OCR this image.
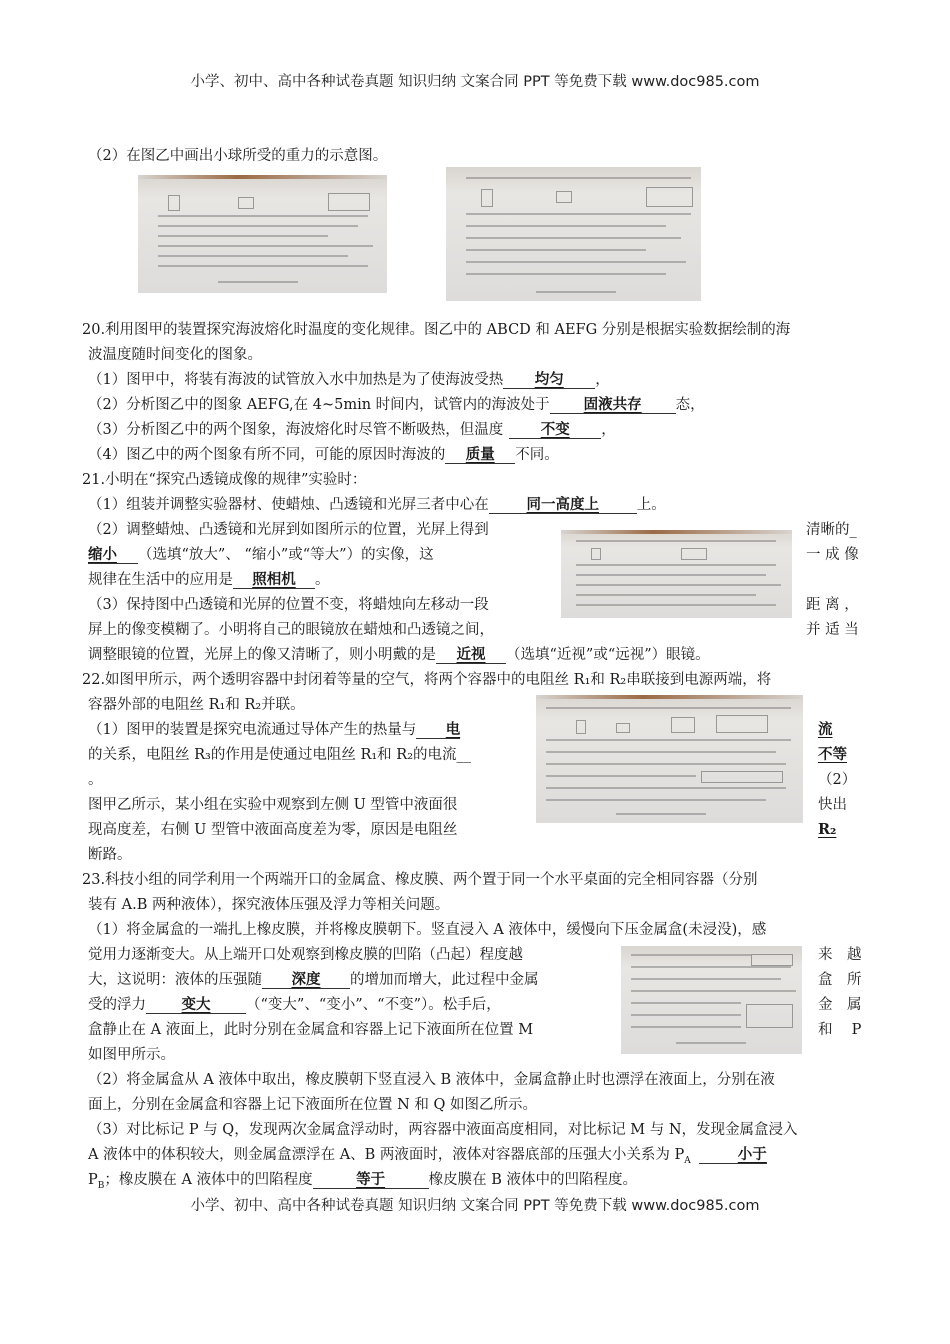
小学、初中、高中各种试卷真题 知识归纳 文案合同 PPT 等免费下载 www.doc985.com
（2）在图乙中画出小球所受的重力的示意图。
20.利用图甲的装置探究海波熔化时温度的变化规律。图乙中的 ABCD 和 AEFG 分别是根据实验数据绘制的海
波温度随时间变化的图象。
（1）图甲中，将装有海波的试管放入水中加热是为了使海波受热 均匀 ，
（2）分析图乙中的图象 AEFG,在 4~5min 时间内，试管内的海波处于 固液共存 态，
（3）分析图乙中的两个图象，海波熔化时尽管不断吸热，但温度	不变 ，
（4）图乙中的两个图象有所不同，可能的原因时海波的 质量 不同。
21.小明在“探究凸透镜成像的规律”实验时：
（1）组装并调整实验器材、使蜡烛、凸透镜和光屏三者中心在	同一高度上	上。
（2）调整蜡烛、凸透镜和光屏到如图所示的位置，光屏上得到	清晰的_
缩小 （选填“放大”、 “缩小”或“等大”）的实像，这	一 成 像
规律在生活中的应用是 照相机 。
（3）保持图中凸透镜和光屏的位置不变，将蜡烛向左移动一段	距 离 ，
屏上的像变模糊了。小明将自己的眼镜放在蜡烛和凸透镜之间，	并 适 当
调整眼镜的位置，光屏上的像又清晰了，则小明戴的是 近视 （选填“近视”或“远视”）眼镜。
22.如图甲所示，两个透明容器中封闭着等量的空气，将两个容器中的电阻丝 R₁和 R₂串联接到电源两端，将
容器外部的电阻丝 R₁和 R₂并联。
（1）图甲的装置是探究电流通过导体产生的热量与 电	流
的关系，电阻丝 R₃的作用是使通过电阻丝 R₁和 R₂的电流__	不等
。	（2）
图甲乙所示，某小组在实验中观察到左侧 U 型管中液面很	快出
现高度差，右侧 U 型管中液面高度差为零，原因是电阻丝	R₂
断路。
23.科技小组的同学利用一个两端开口的金属盒、橡皮膜、两个置于同一个水平桌面的完全相同容器（分别
装有 A.B 两种液体），探究液体压强及浮力等相关问题。
（1）将金属盒的一端扎上橡皮膜，并将橡皮膜朝下。竖直浸入 A 液体中，缓慢向下压金属盒(未浸没)，感
觉用力逐渐变大。从上端开口处观察到橡皮膜的凹陷（凸起）程度越	来　越
大，这说明：液体的压强随 深度 的增加而增大，此过程中金属	盒　所
受的浮力 变大 （“变大”、“变小”、“不变”）。松手后，	金　属
盒静止在 A 液面上，此时分别在金属盒和容器上记下液面所在位置 M	和　 P
如图甲所示。
（2）将金属盒从 A 液体中取出，橡皮膜朝下竖直浸入 B 液体中，金属盒静止时也漂浮在液面上，分别在液
面上，分别在金属盒和容器上记下液面所在位置 N 和 Q 如图乙所示。
（3）对比标记 P 与 Q，发现两次金属盒浮动时，两容器中液面高度相同，对比标记 M 与 N，发现金属盒浸入
A 液体中的体积较大，则金属盒漂浮在 A、B 两液面时，液体对容器底部的压强大小关系为 $P_A$	小于
$P_B$；橡皮膜在 A 液体中的凹陷程度	等于	橡皮膜在 B 液体中的凹陷程度。
小学、初中、高中各种试卷真题 知识归纳 文案合同 PPT 等免费下载 www.doc985.com
